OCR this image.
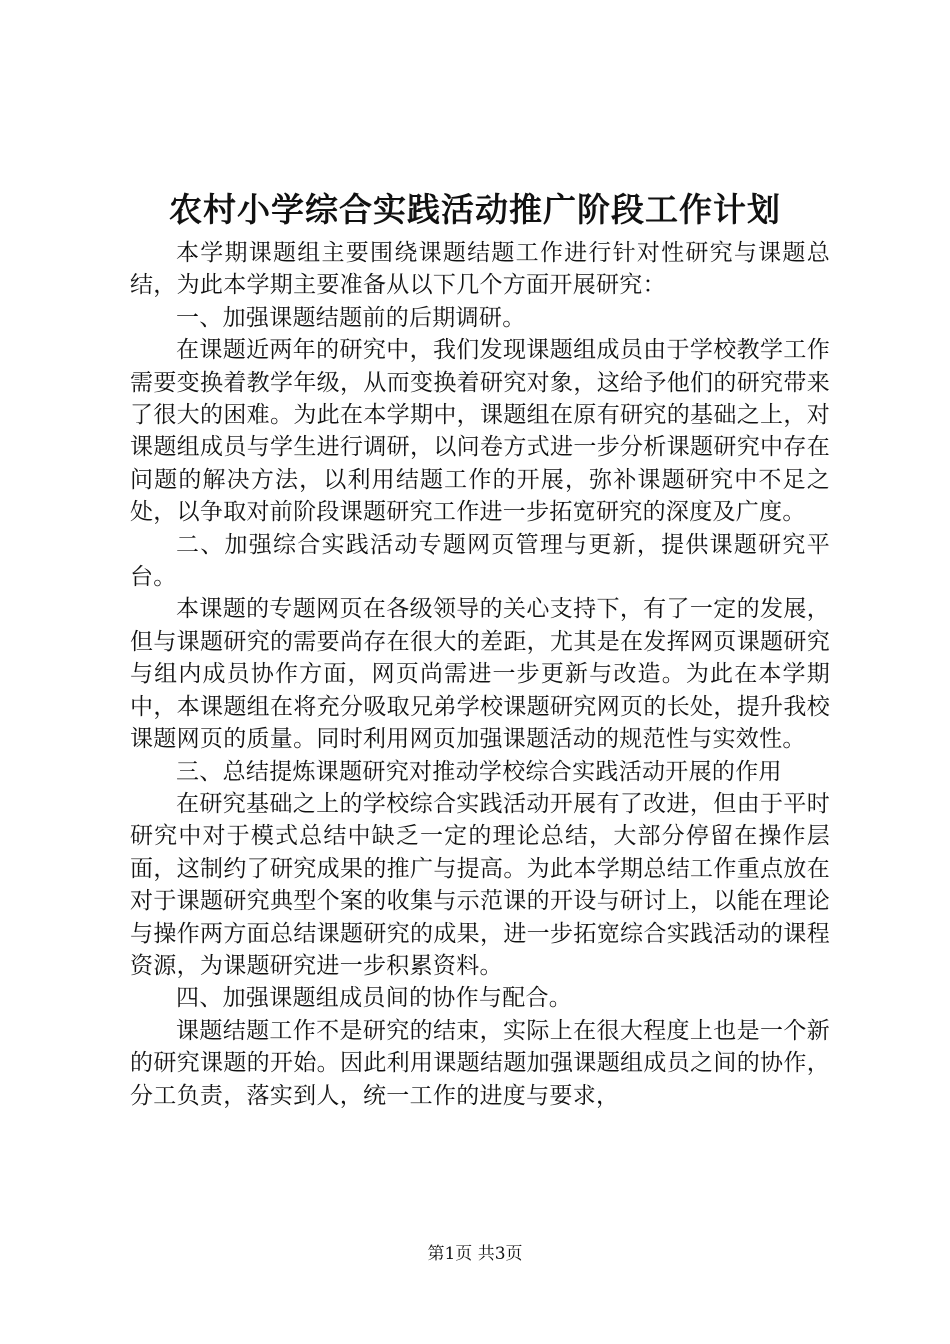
农村小学综合实践活动推广阶段工作计划

本学期课题组主要围绕课题结题工作进行针对性研究与课题总结，为此本学期主要准备从以下几个方面开展研究：

一、加强课题结题前的后期调研。

在课题近两年的研究中，我们发现课题组成员由于学校教学工作需要变换着教学年级，从而变换着研究对象，这给予他们的研究带来了很大的困难。为此在本学期中，课题组在原有研究的基础之上，对课题组成员与学生进行调研，以问卷方式进一步分析课题研究中存在问题的解决方法，以利用结题工作的开展，弥补课题研究中不足之处，以争取对前阶段课题研究工作进一步拓宽研究的深度及广度。

二、加强综合实践活动专题网页管理与更新，提供课题研究平台。

本课题的专题网页在各级领导的关心支持下，有了一定的发展，但与课题研究的需要尚存在很大的差距，尤其是在发挥网页课题研究与组内成员协作方面，网页尚需进一步更新与改造。为此在本学期中，本课题组在将充分吸取兄弟学校课题研究网页的长处，提升我校课题网页的质量。同时利用网页加强课题活动的规范性与实效性。

三、总结提炼课题研究对推动学校综合实践活动开展的作用

在研究基础之上的学校综合实践活动开展有了改进，但由于平时研究中对于模式总结中缺乏一定的理论总结，大部分停留在操作层面，这制约了研究成果的推广与提高。为此本学期总结工作重点放在对于课题研究典型个案的收集与示范课的开设与研讨上，以能在理论与操作两方面总结课题研究的成果，进一步拓宽综合实践活动的课程资源，为课题研究进一步积累资料。

四、加强课题组成员间的协作与配合。

课题结题工作不是研究的结束，实际上在很大程度上也是一个新的研究课题的开始。因此利用课题结题加强课题组成员之间的协作，分工负责，落实到人，统一工作的进度与要求，

第1页 共3页
